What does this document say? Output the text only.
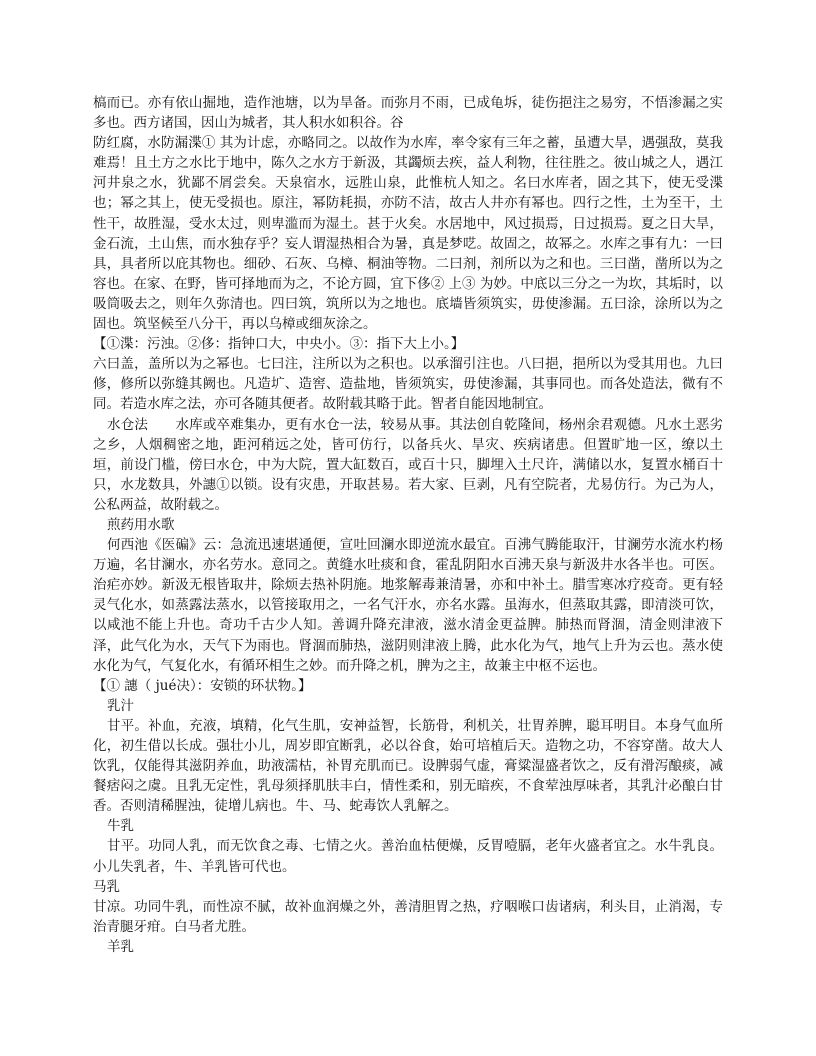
槁而已。亦有依山掘地，造作池塘，以为旱备。而弥月不雨，已成龟坼，徒伤挹注之易穷，不悟渗漏之实多也。西方诸国，因山为城者，其人积水如积谷。谷

防红腐，水防漏渫① 其为计虑，亦略同之。以故作为水库，率令家有三年之蓄，虽遭大旱，遇强敌，莫我难焉！且土方之水比于地中，陈久之水方于新汲，其蠲烦去疾，益人利物，往往胜之。彼山城之人，遇江河井泉之水，犹鄙不屑尝矣。天泉宿水，远胜山泉，此惟杭人知之。名曰水库者，固之其下，使无受渫也；幂之其上，使无受损也。原注，幂防耗损，亦防不洁，故古人井亦有幂也。四行之性，土为至干，土性干，故胜湿，受水太过，则卑滥而为湿土。甚于火矣。水居地中，风过损焉，日过损焉。夏之日大旱，金石流，土山焦，而水独存乎？妄人谓湿热相合为暑，真是梦呓。故固之，故幂之。水库之事有九：一曰具，具者所以庇其物也。细砂、石灰、乌樟、桐油等物。二曰剂，剂所以为之和也。三曰凿，凿所以为之容也。在家、在野，皆可择地而为之，不论方圆，宜下侈② 上③ 为妙。中底以三分之一为坎，其垢时，以吸筒吸去之，则年久弥清也。四曰筑，筑所以为之地也。底墙皆须筑实，毋使渗漏。五曰涂，涂所以为之固也。筑坚候至八分干，再以乌樟或细灰涂之。

【①渫：污浊。②侈：指钟口大，中央小。③：指下大上小。】

六曰盖，盖所以为之幂也。七曰注，注所以为之积也。以承溜引注也。八曰挹，挹所以为受其用也。九曰修，修所以弥缝其阙也。凡造圹、造窖、造盐地，皆须筑实，毋使渗漏，其事同也。而各处造法，微有不同。若造水库之法，亦可各随其便者。故附载其略于此。智者自能因地制宜。

水仓法　　水库或卒难集办，更有水仓一法，较易从事。其法创自乾隆间，杨州余君观德。凡水土恶劣之乡，人烟稠密之地，距河稍远之处，皆可仿行，以备兵火、旱灾、疾病诸患。但置旷地一区，缭以土垣，前设门槛，傍曰水仓，中为大院，置大缸数百，或百十只，脚埋入土尺许，满储以水，复置水桶百十只，水龙数具，外譓①以锁。设有灾患，开取甚易。若大家、巨剥，凡有空院者，尤易仿行。为己为人，公私两益，故附载之。

煎药用水歌

何西池《医碥》云：急流迅速堪通便，宣吐回澜水即逆流水最宜。百沸气腾能取汗，甘澜劳水流水杓杨万遍，名甘澜水，亦名劳水。意同之。黄缝水吐痰和食，霍乱阴阳水百沸天泉与新汲井水各半也。可医。治疟亦妙。新汲无根皆取井，除烦去热补阴施。地浆解毒兼清暑，亦和中补土。腊雪寒冰疗疫奇。更有轻灵气化水，如蒸露法蒸水，以管接取用之，一名气汗水，亦名水露。虽海水，但蒸取其露，即清淡可饮，以咸池不能上升也。奇功千古少人知。善调升降充津液，滋水清金更益脾。肺热而肾涸，清金则津液下泽，此气化为水，天气下为雨也。肾涸而肺热，滋阴则津液上腾，此水化为气，地气上升为云也。蒸水使水化为气，气复化水，有循环相生之妙。而升降之机，脾为之主，故兼主中枢不运也。

【① 譓（ jué决）：安锁的环状物。】

乳汁

甘平。补血，充液，填精，化气生肌，安神益智，长筋骨，利机关，壮胃养脾，聪耳明目。本身气血所化，初生借以长成。强壮小儿，周岁即宜断乳，必以谷食，始可培植后天。造物之功，不容穿凿。故大人饮乳，仅能得其滋阴养血，助液濡枯，补胃充肌而已。设脾弱气虚，膏粱湿盛者饮之，反有滑泻酿痰，减餐痞闷之虞。且乳无定性，乳母须择肌肤丰白，情性柔和，别无暗疾，不食荤浊厚味者，其乳汁必酿白甘香。否则清稀腥浊，徒增儿病也。牛、马、蛇毒饮人乳解之。

牛乳

甘平。功同人乳，而无饮食之毒、七情之火。善治血枯便燥，反胃噎膈，老年火盛者宜之。水牛乳良。小儿失乳者，牛、羊乳皆可代也。

马乳

甘凉。功同牛乳，而性凉不腻，故补血润燥之外，善清胆胃之热，疗咽喉口齿诸病，利头目，止消渴，专治青腿牙疳。白马者尤胜。

羊乳
